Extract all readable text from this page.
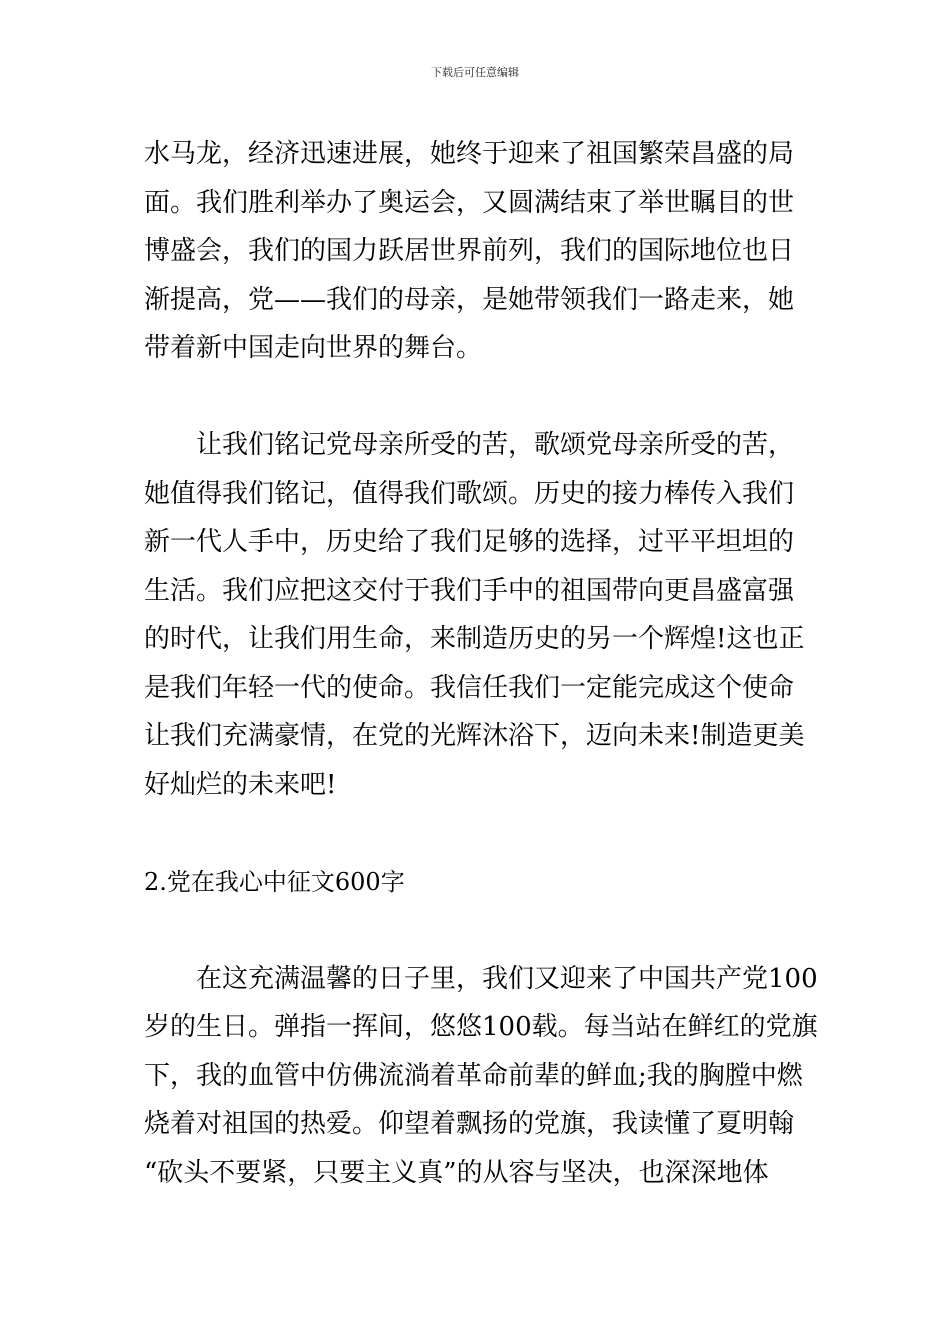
下载后可任意编辑

水马龙，经济迅速进展，她终于迎来了祖国繁荣昌盛的局
面。我们胜利举办了奥运会，又圆满结束了举世瞩目的世
博盛会，我们的国力跃居世界前列，我们的国际地位也日
渐提高，党——我们的母亲，是她带领我们一路走来，她
带着新中国走向世界的舞台。

　　让我们铭记党母亲所受的苦，歌颂党母亲所受的苦，
她值得我们铭记，值得我们歌颂。历史的接力棒传入我们
新一代人手中，历史给了我们足够的选择，过平平坦坦的
生活。我们应把这交付于我们手中的祖国带向更昌盛富强
的时代，让我们用生命，来制造历史的另一个辉煌!这也正
是我们年轻一代的使命。我信任我们一定能完成这个使命
让我们充满豪情，在党的光辉沐浴下，迈向未来!制造更美
好灿烂的未来吧!

2.党在我心中征文600字

　　在这充满温馨的日子里，我们又迎来了中国共产党100
岁的生日。弹指一挥间，悠悠100载。每当站在鲜红的党旗
下，我的血管中仿佛流淌着革命前辈的鲜血;我的胸膛中燃
烧着对祖国的热爱。仰望着飘扬的党旗，我读懂了夏明翰
“砍头不要紧，只要主义真”的从容与坚决，也深深地体
